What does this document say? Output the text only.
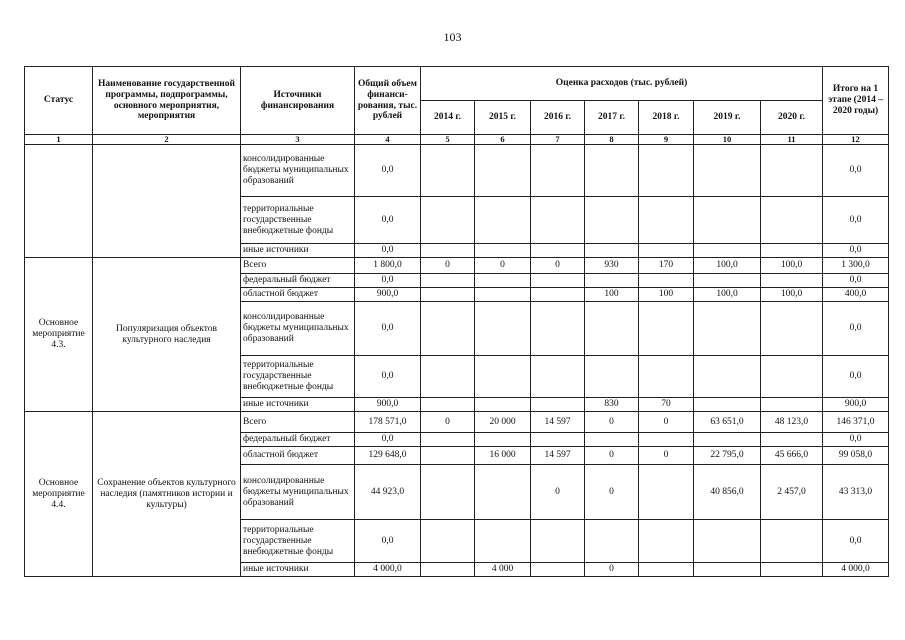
103
Статус	Наименование государственной программы, подпрограммы, основного мероприятия, мероприятия	Источники финансирования	Общий объем финанси-рования, тыс. рублей	Оценка расходов (тыс. рублей)							Итого на 1 этапе (2014 – 2020 годы)
				2014 г.	2015 г.	2016 г.	2017 г.	2018 г.	2019 г.	2020 г.	
1	2	3	4	5	6	7	8	9	10	11	12
		консолидированные бюджеты муниципальных образований	0,0								0,0
		территориальные государственные внебюджетные фонды	0,0								0,0
		иные источники	0,0								0,0
Основное мероприятие 4.3.	Популяризация объектов культурного наследия	Всего	1 800,0	0	0	0	930	170	100,0	100,0	1 300,0
		федеральный бюджет	0,0								0,0
		областной бюджет	900,0				100	100	100,0	100,0	400,0
		консолидированные бюджеты муниципальных образований	0,0								0,0
		территориальные государственные внебюджетные фонды	0,0								0,0
		иные источники	900,0				830	70			900,0
Основное мероприятие 4.4.	Сохранение объектов культурного наследия (памятников истории и культуры)	Всего	178 571,0	0	20 000	14 597	0	0	63 651,0	48 123,0	146 371,0
		федеральный бюджет	0,0								0,0
		областной бюджет	129 648,0		16 000	14 597	0	0	22 795,0	45 666,0	99 058,0
		консолидированные бюджеты муниципальных образований	44 923,0			0	0		40 856,0	2 457,0	43 313,0
		территориальные государственные внебюджетные фонды	0,0								0,0
		иные источники	4 000,0		4 000		0				4 000,0
